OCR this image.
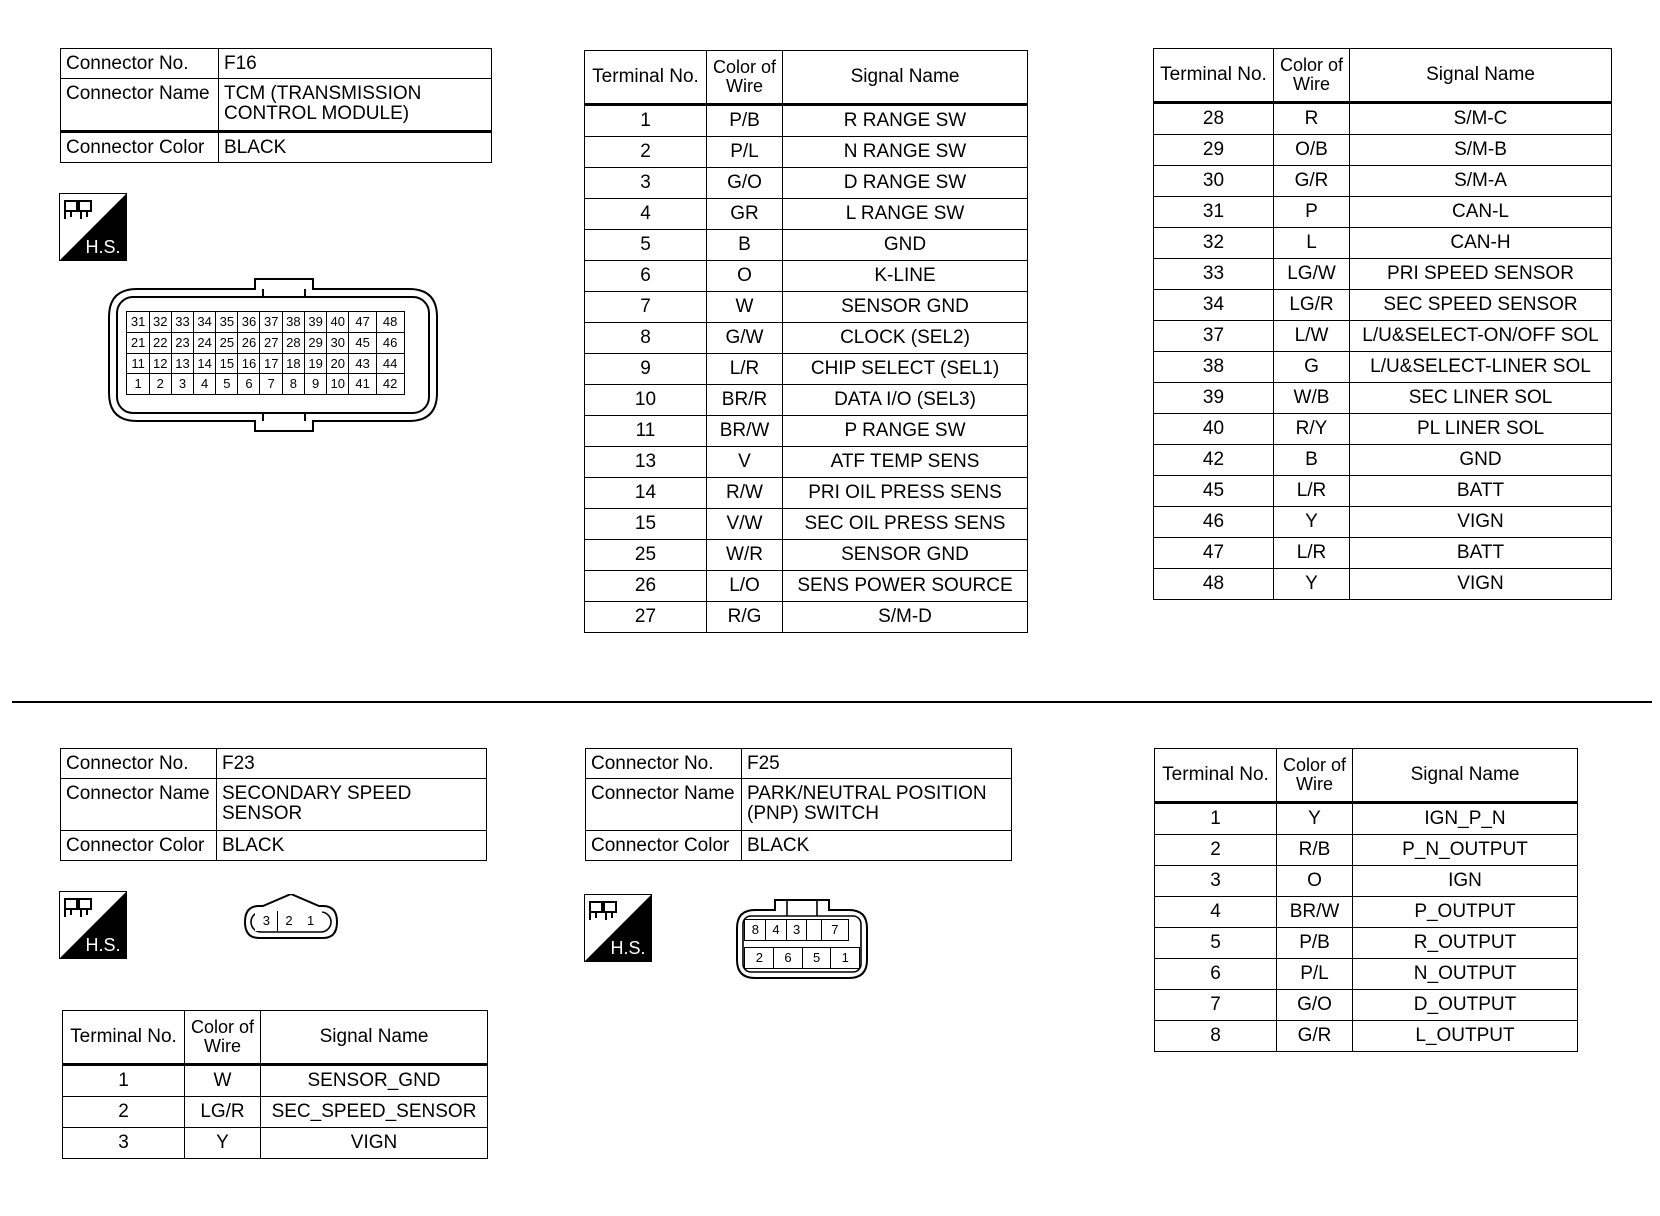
Connector No.	F16
Connector Name	TCM (TRANSMISSION CONTROL MODULE)
Connector Color	BLACK
H.S.
31 32 33 34 35 36 37 38 39 40 47	48
21 22 23 24 25 26 27 28 29 30 45	46
11 12 13 14 15 16 17 18 19 20 43	44
1	2	3	4	5	6	7	8	9 10 41	42
Terminal No.	Color of Wire	Signal Name
1	P/B	R RANGE SW
2	P/L	N RANGE SW
3	G/O	D RANGE SW
4	GR	L RANGE SW
5	B	GND
6	O	K-LINE
7	W	SENSOR GND
8	G/W	CLOCK (SEL2)
9	L/R	CHIP SELECT (SEL1)
10	BR/R	DATA I/O (SEL3)
11	BR/W	P RANGE SW
13	V	ATF TEMP SENS
14	R/W	PRI OIL PRESS SENS
15	V/W	SEC OIL PRESS SENS
25	W/R	SENSOR GND
26	L/O	SENS POWER SOURCE
27	R/G	S/M-D
Terminal No.	Color of Wire	Signal Name
28	R	S/M-C
29	O/B	S/M-B
30	G/R	S/M-A
31	P	CAN-L
32	L	CAN-H
33	LG/W	PRI SPEED SENSOR
34	LG/R	SEC SPEED SENSOR
37	L/W	L/U&SELECT-ON/OFF SOL
38	G	L/U&SELECT-LINER SOL
39	W/B	SEC LINER SOL
40	R/Y	PL LINER SOL
42	B	GND
45	L/R	BATT
46	Y	VIGN
47	L/R	BATT
48	Y	VIGN
Connector No.	F23
Connector Name	SECONDARY SPEED SENSOR
Connector Color	BLACK
H.S.
3	2	1
Terminal No.	Color of Wire	Signal Name
1	W	SENSOR_GND
2	LG/R	SEC_SPEED_SENSOR
3	Y	VIGN
Connector No.	F25
Connector Name	PARK/NEUTRAL POSITION (PNP) SWITCH
Connector Color	BLACK
H.S.
8	4	3	7
2	6	5	1
Terminal No.	Color of Wire	Signal Name
1	Y	IGN_P_N
2	R/B	P_N_OUTPUT
3	O	IGN
4	BR/W	P_OUTPUT
5	P/B	R_OUTPUT
6	P/L	N_OUTPUT
7	G/O	D_OUTPUT
8	G/R	L_OUTPUT
